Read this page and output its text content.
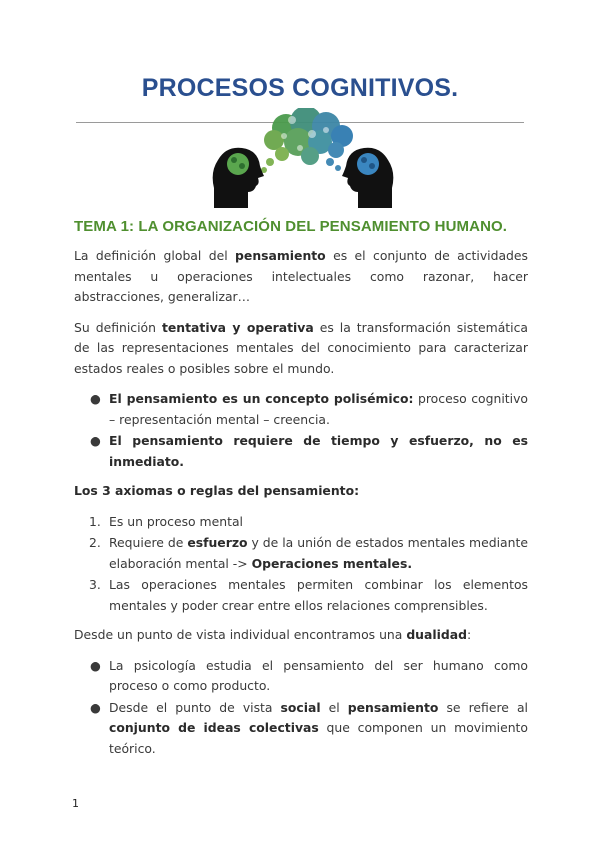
PROCESOS COGNITIVOS.
TEMA 1: LA ORGANIZACIÓN DEL PENSAMIENTO HUMANO.

La definición global del pensamiento es el conjunto de actividades mentales u operaciones intelectuales como razonar, hacer abstracciones, generalizar…

Su definición tentativa y operativa es la transformación sistemática de las representaciones mentales del conocimiento para caracterizar estados reales o posibles sobre el mundo.

● El pensamiento es un concepto polisémico: proceso cognitivo – representación mental – creencia.
● El pensamiento requiere de tiempo y esfuerzo, no es inmediato.

Los 3 axiomas o reglas del pensamiento:

1. Es un proceso mental
2. Requiere de esfuerzo y de la unión de estados mentales mediante elaboración mental -> Operaciones mentales.
3. Las operaciones mentales permiten combinar los elementos mentales y poder crear entre ellos relaciones comprensibles.

Desde un punto de vista individual encontramos una dualidad:

● La psicología estudia el pensamiento del ser humano como proceso o como producto.
● Desde el punto de vista social el pensamiento se refiere al conjunto de ideas colectivas que componen un movimiento teórico.
1
